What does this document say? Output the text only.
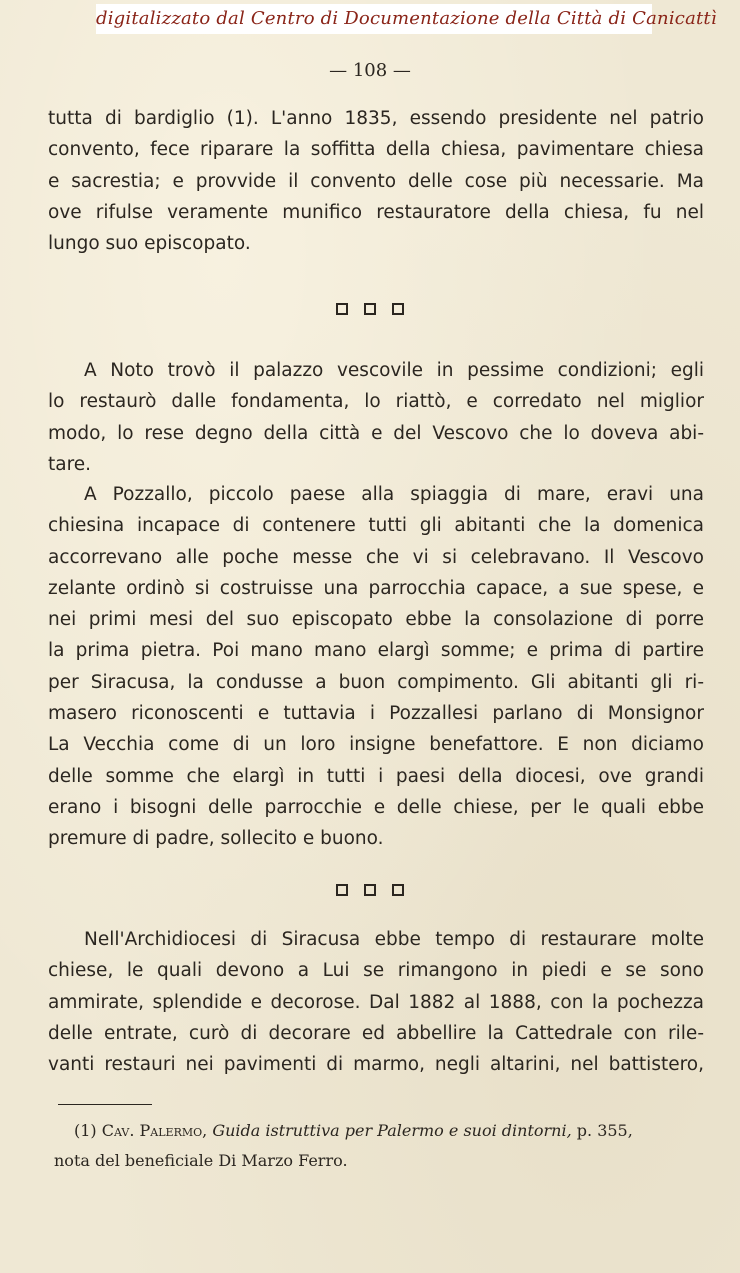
digitalizzato dal Centro di Documentazione della Città di Canicattì
— 108 —
tutta di bardiglio (1). L'anno 1835, essendo presidente nel patrio
convento, fece riparare la soffitta della chiesa, pavimentare chiesa
e sacrestia; e provvide il convento delle cose più necessarie. Ma
ove rifulse veramente munifico restauratore della chiesa, fu nel
lungo suo episcopato.
A Noto trovò il palazzo vescovile in pessime condizioni; egli
lo restaurò dalle fondamenta, lo riattò, e corredato nel miglior
modo, lo rese degno della città e del Vescovo che lo doveva abi-
tare.
A Pozzallo, piccolo paese alla spiaggia di mare, eravi una
chiesina incapace di contenere tutti gli abitanti che la domenica
accorrevano alle poche messe che vi si celebravano. Il Vescovo
zelante ordinò si costruisse una parrocchia capace, a sue spese, e
nei primi mesi del suo episcopato ebbe la consolazione di porre
la prima pietra. Poi mano mano elargì somme; e prima di partire
per Siracusa, la condusse a buon compimento. Gli abitanti gli ri-
masero riconoscenti e tuttavia i Pozzallesi parlano di Monsignor
La Vecchia come di un loro insigne benefattore. E non diciamo
delle somme che elargì in tutti i paesi della diocesi, ove grandi
erano i bisogni delle parrocchie e delle chiese, per le quali ebbe
premure di padre, sollecito e buono.
Nell'Archidiocesi di Siracusa ebbe tempo di restaurare molte
chiese, le quali devono a Lui se rimangono in piedi e se sono
ammirate, splendide e decorose. Dal 1882 al 1888, con la pochezza
delle entrate, curò di decorare ed abbellire la Cattedrale con rile-
vanti restauri nei pavimenti di marmo, negli altarini, nel battistero,
(1) Cav. Palermo, Guida istruttiva per Palermo e suoi dintorni, p. 355,
nota del beneficiale Di Marzo Ferro.
